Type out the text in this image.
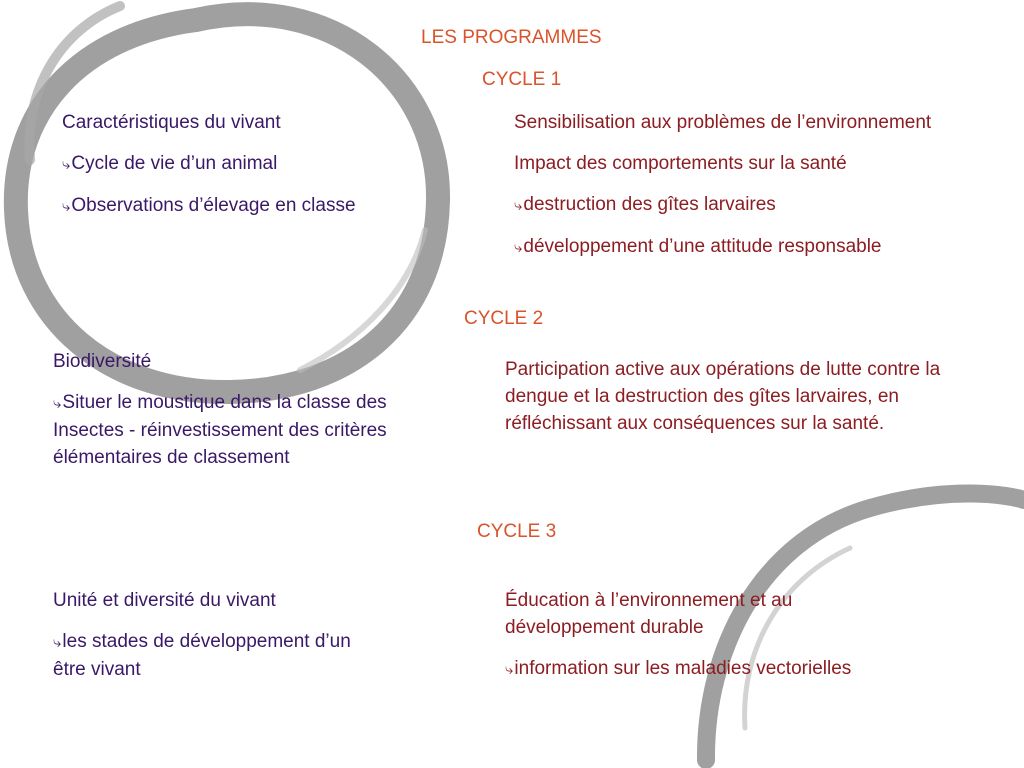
LES PROGRAMMES
CYCLE 1

Caractéristiques du vivant

⤷Cycle de vie d’un animal

⤷Observations d’élevage en classe

Sensibilisation aux problèmes de l’environnement

Impact des comportements sur la santé

⤷destruction des gîtes larvaires

⤷développement d’une attitude responsable

CYCLE 2

Biodiversité

⤷Situer le moustique dans la classe des Insectes - réinvestissement des critères élémentaires de classement

Participation active aux opérations de lutte contre la dengue et la destruction des gîtes larvaires, en réfléchissant aux conséquences sur la santé.

CYCLE 3

Unité et diversité du vivant

⤷les stades de développement d’un être vivant

Éducation à l’environnement et au développement durable

⤷information sur les maladies vectorielles
